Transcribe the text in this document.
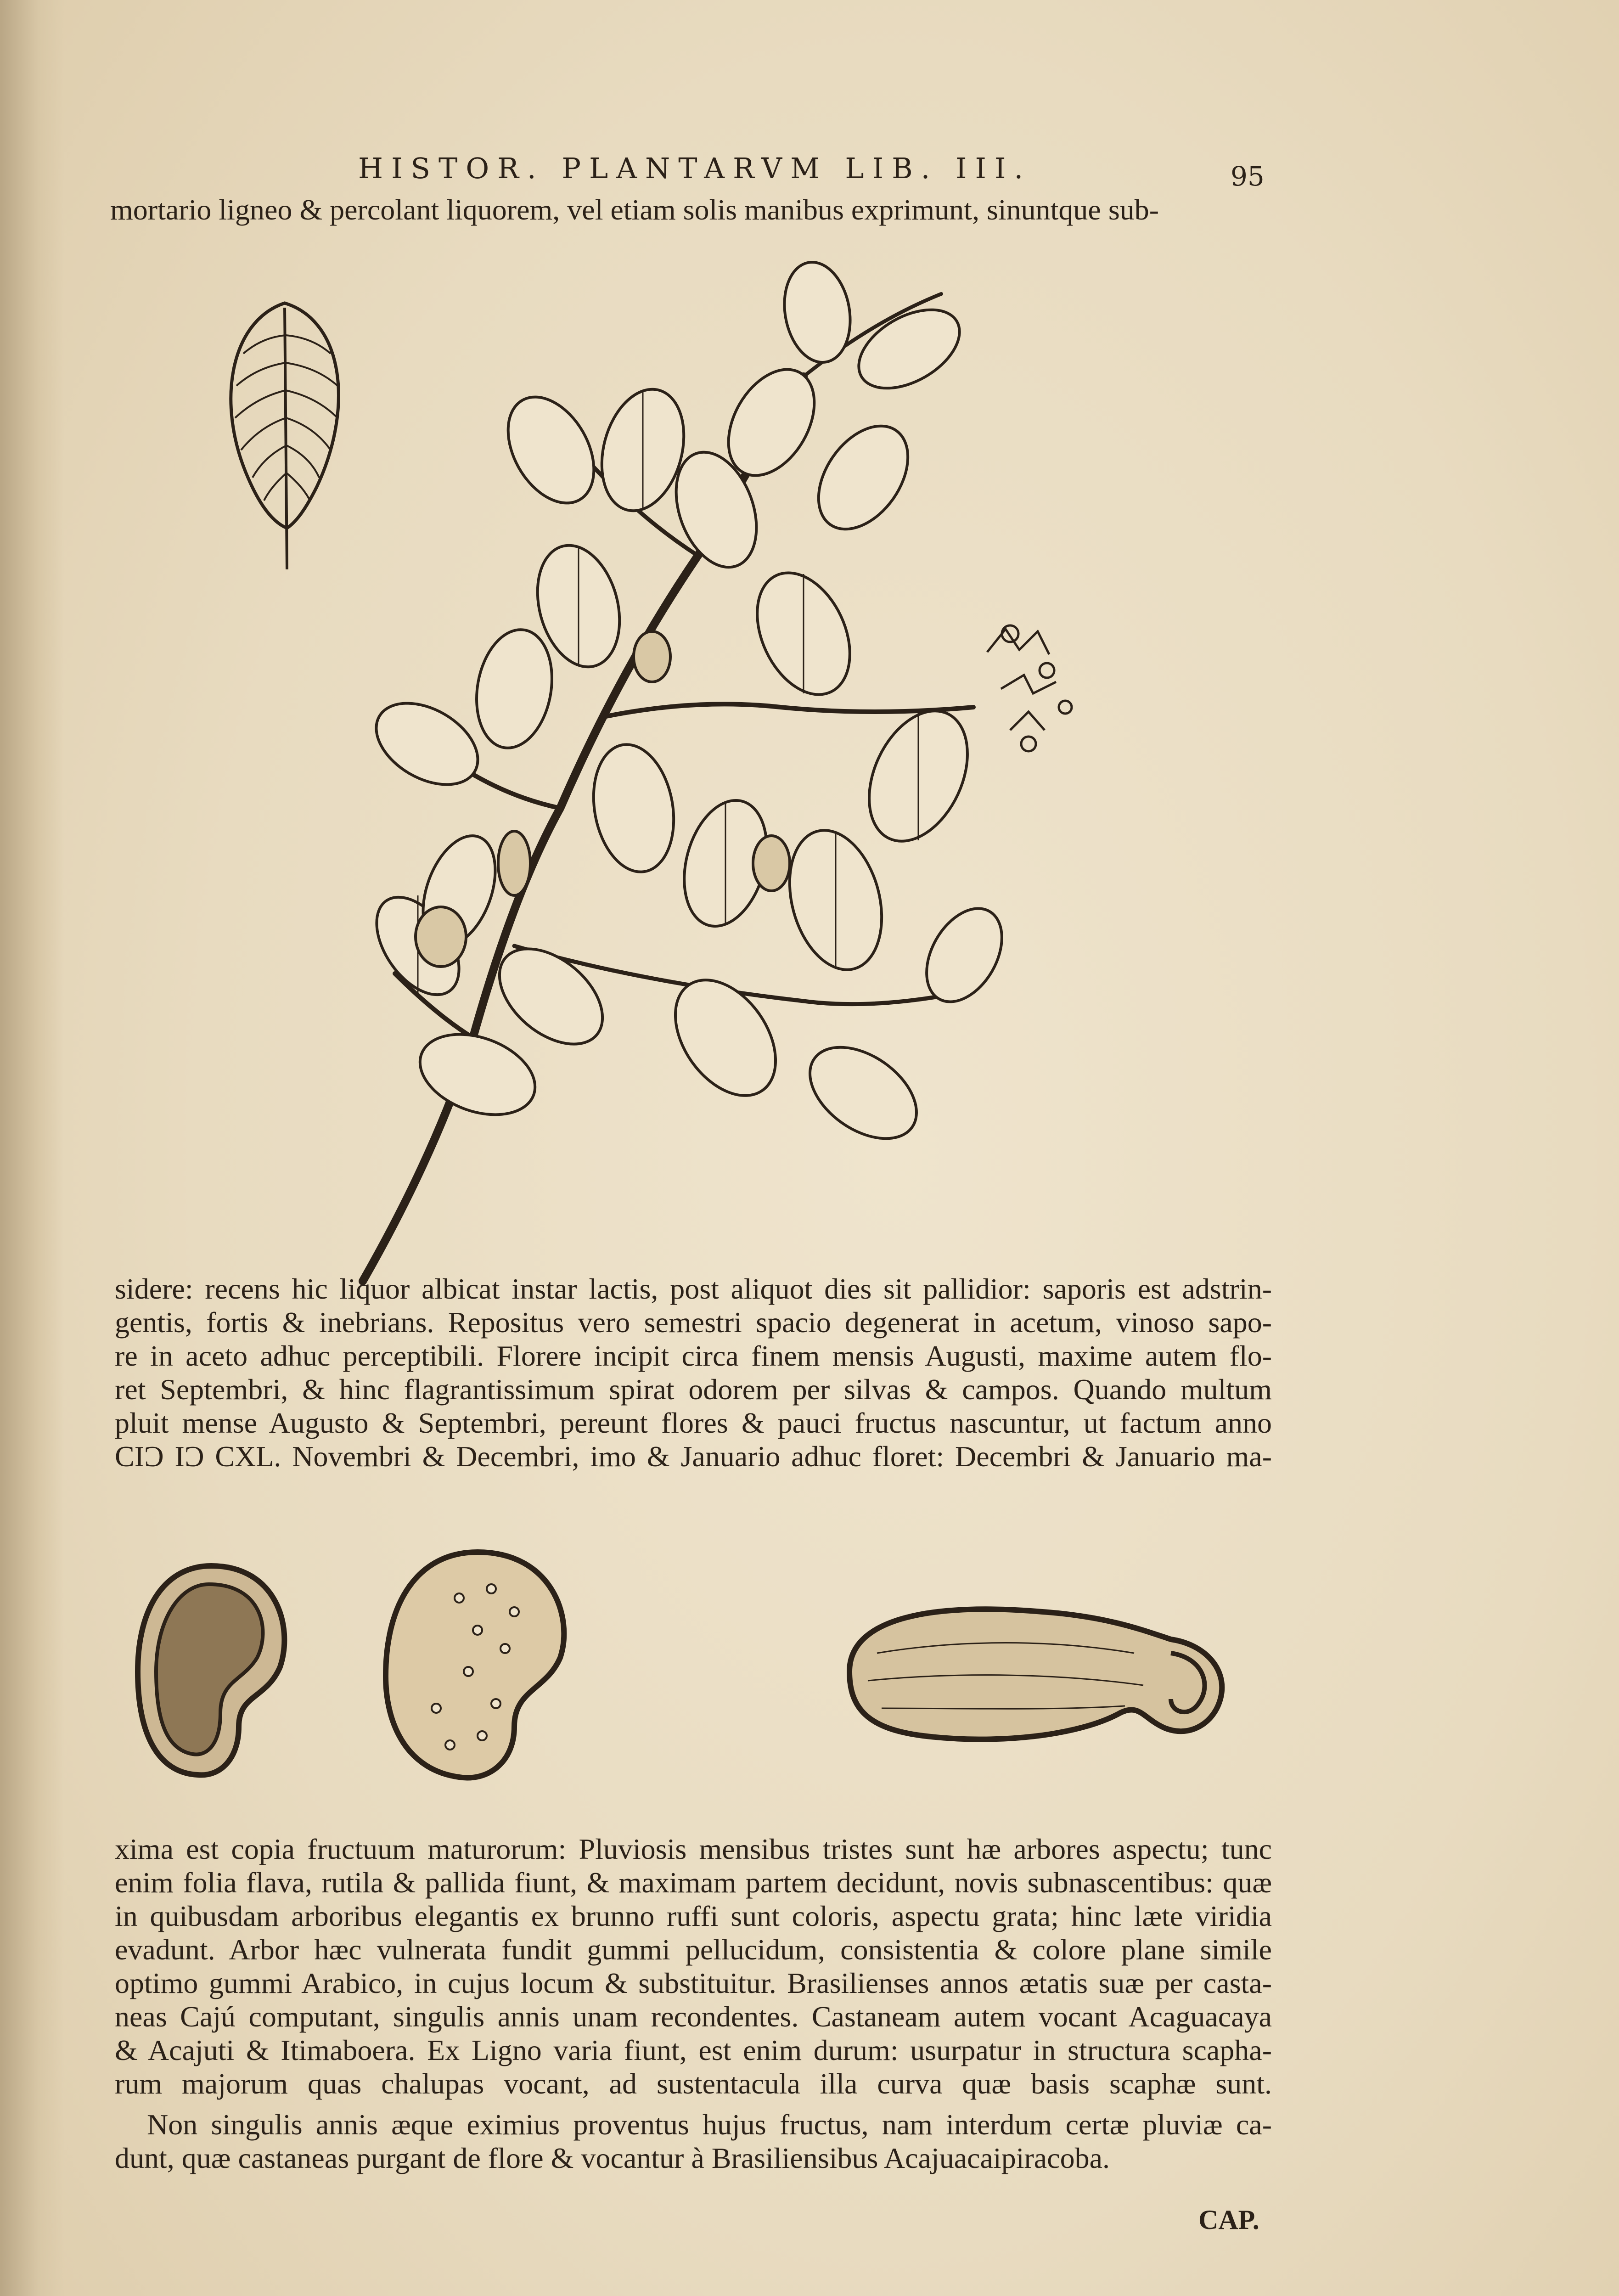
HISTOR. PLANTARVM LIB. III.	95
mortario ligneo & percolant liquorem, vel etiam solis manibus exprimunt, sinuntque sub-
sidere: recens hic liquor albicat instar lactis, post aliquot dies sit pallidior: saporis est adstrin-
gentis, fortis & inebrians. Repositus vero semestri spacio degenerat in acetum, vinoso sapo-
re in aceto adhuc perceptibili. Florere incipit circa finem mensis Augusti, maxime autem flo-
ret Septembri, & hinc flagrantissimum spirat odorem per silvas & campos. Quando multum
pluit mense Augusto & Septembri, pereunt flores & pauci fructus nascuntur, ut factum anno
CIƆ IƆ CXL. Novembri & Decembri, imo & Januario adhuc floret: Decembri & Januario ma-
xima est copia fructuum maturorum: Pluviosis mensibus tristes sunt hæ arbores aspectu; tunc
enim folia flava, rutila & pallida fiunt, & maximam partem decidunt, novis subnascentibus: quæ
in quibusdam arboribus elegantis ex brunno ruffi sunt coloris, aspectu grata; hinc læte viridia
evadunt. Arbor hæc vulnerata fundit gummi pellucidum, consistentia & colore plane simile
optimo gummi Arabico, in cujus locum & substituitur. Brasilienses annos ætatis suæ per casta-
neas Cajú computant, singulis annis unam recondentes. Castaneam autem vocant Acaguacaya
& Acajuti & Itimaboera. Ex Ligno varia fiunt, est enim durum: usurpatur in structura scapha-
rum majorum quas chalupas vocant, ad sustentacula illa curva quæ basis scaphæ sunt.
Non singulis annis æque eximius proventus hujus fructus, nam interdum certæ pluviæ ca-
dunt, quæ castaneas purgant de flore & vocantur à Brasiliensibus Acajuacaipiracoba.
CAP.
